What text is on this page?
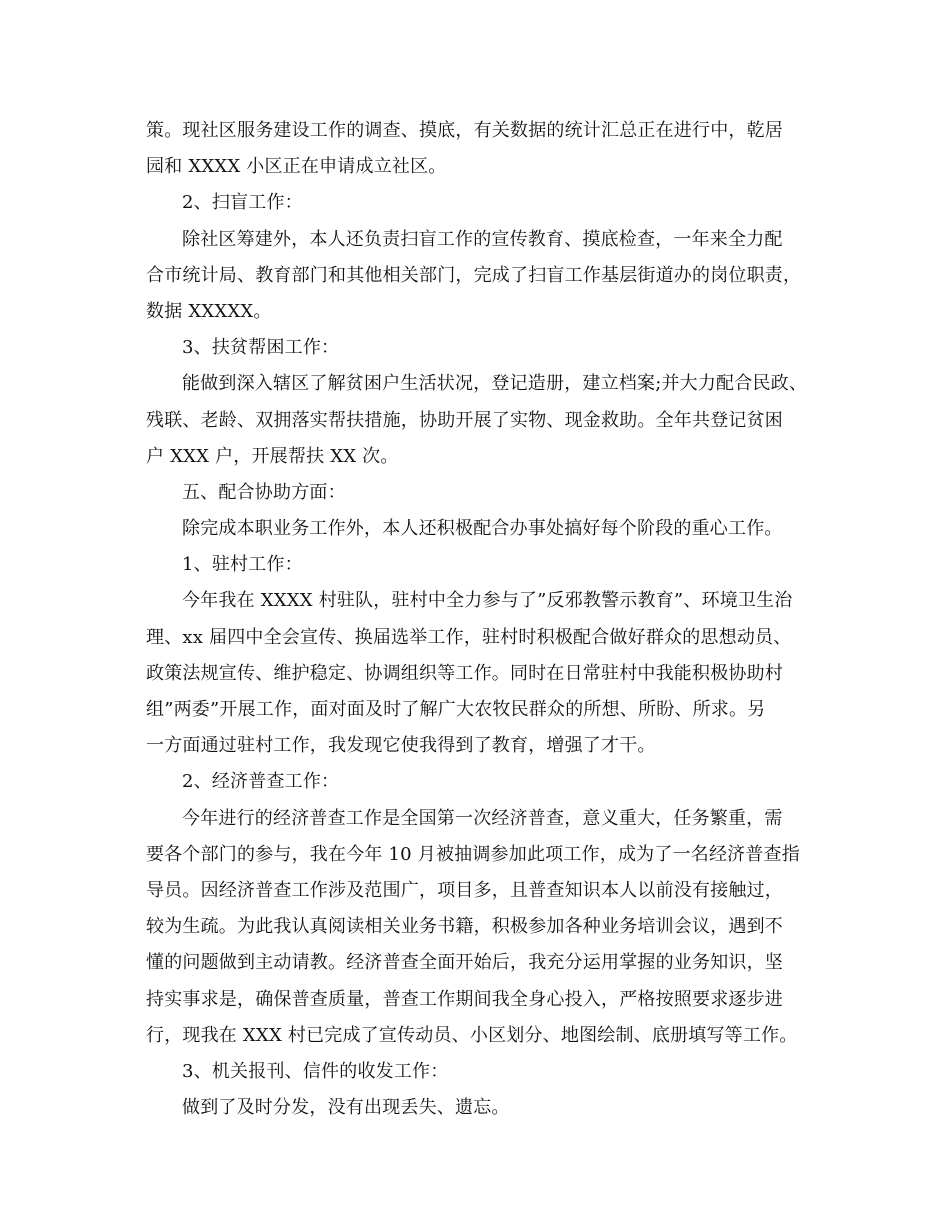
策。现社区服务建设工作的调查、摸底，有关数据的统计汇总正在进行中，乾居
园和 XXXX 小区正在申请成立社区。
2、扫盲工作：
除社区筹建外，本人还负责扫盲工作的宣传教育、摸底检查，一年来全力配
合市统计局、教育部门和其他相关部门，完成了扫盲工作基层街道办的岗位职责，
数据 XXXXX。
3、扶贫帮困工作：
能做到深入辖区了解贫困户生活状况，登记造册，建立档案;并大力配合民政、
残联、老龄、双拥落实帮扶措施，协助开展了实物、现金救助。全年共登记贫困
户 XXX 户，开展帮扶 XX 次。
五、配合协助方面：
除完成本职业务工作外，本人还积极配合办事处搞好每个阶段的重心工作。
1、驻村工作：
今年我在 XXXX 村驻队，驻村中全力参与了”反邪教警示教育”、环境卫生治
理、xx 届四中全会宣传、换届选举工作，驻村时积极配合做好群众的思想动员、
政策法规宣传、维护稳定、协调组织等工作。同时在日常驻村中我能积极协助村
组”两委”开展工作，面对面及时了解广大农牧民群众的所想、所盼、所求。另
一方面通过驻村工作，我发现它使我得到了教育，增强了才干。
2、经济普查工作：
今年进行的经济普查工作是全国第一次经济普查，意义重大，任务繁重，需
要各个部门的参与，我在今年 10 月被抽调参加此项工作，成为了一名经济普查指
导员。因经济普查工作涉及范围广，项目多，且普查知识本人以前没有接触过，
较为生疏。为此我认真阅读相关业务书籍，积极参加各种业务培训会议，遇到不
懂的问题做到主动请教。经济普查全面开始后，我充分运用掌握的业务知识，坚
持实事求是，确保普查质量，普查工作期间我全身心投入，严格按照要求逐步进
行，现我在 XXX 村已完成了宣传动员、小区划分、地图绘制、底册填写等工作。
3、机关报刊、信件的收发工作：
做到了及时分发，没有出现丢失、遗忘。
